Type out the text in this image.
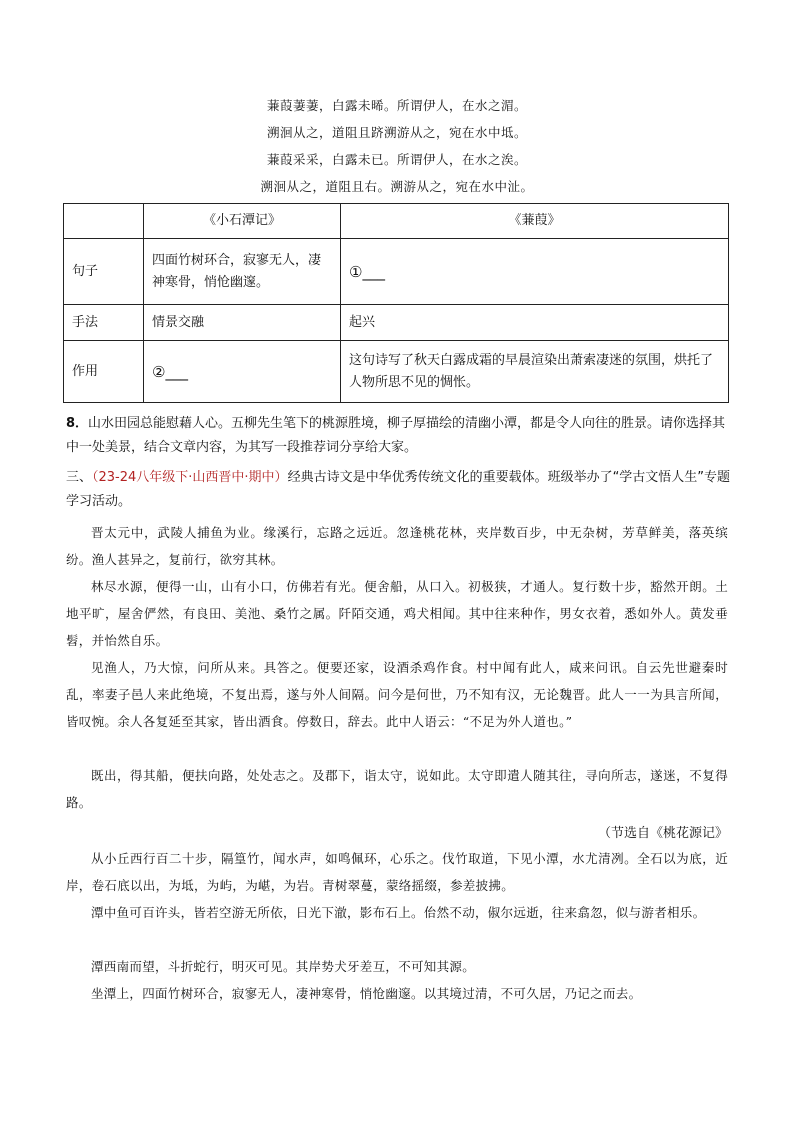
蒹葭萋萋，白露未晞。所谓伊人，在水之湄。
溯洄从之，道阻且跻溯游从之，宛在水中坻。
蒹葭采采，白露未已。所谓伊人，在水之涘。
溯洄从之，道阻且右。溯游从之，宛在水中沚。
	《小石潭记》	《蒹葭》
句子	四面竹树环合，寂寥无人，凄神寒骨，悄怆幽邃。	①___
手法	情景交融	起兴
作用	②___	这句诗写了秋天白露成霜的早晨渲染出萧索凄迷的氛围，烘托了人物所思不见的惆怅。
8．山水田园总能慰藉人心。五柳先生笔下的桃源胜境，柳子厚描绘的清幽小潭，都是令人向往的胜景。请你选择其中一处美景，结合文章内容，为其写一段推荐词分享给大家。
三、（23-24八年级下·山西晋中·期中）经典古诗文是中华优秀传统文化的重要载体。班级举办了“学古文悟人生”专题学习活动。
晋太元中，武陵人捕鱼为业。缘溪行，忘路之远近。忽逢桃花林，夹岸数百步，中无杂树，芳草鲜美，落英缤纷。渔人甚异之，复前行，欲穷其林。
林尽水源，便得一山，山有小口，仿佛若有光。便舍船，从口入。初极狭，才通人。复行数十步，豁然开朗。土地平旷，屋舍俨然，有良田、美池、桑竹之属。阡陌交通，鸡犬相闻。其中往来种作，男女衣着，悉如外人。黄发垂髫，并怡然自乐。
见渔人，乃大惊，问所从来。具答之。便要还家，设酒杀鸡作食。村中闻有此人，咸来问讯。自云先世避秦时乱，率妻子邑人来此绝境，不复出焉，遂与外人间隔。问今是何世，乃不知有汉，无论魏晋。此人一一为具言所闻，皆叹惋。余人各复延至其家，皆出酒食。停数日，辞去。此中人语云：“不足为外人道也。”
既出，得其船，便扶向路，处处志之。及郡下，诣太守，说如此。太守即遣人随其往，寻向所志，遂迷，不复得路。
（节选自《桃花源记》
从小丘西行百二十步，隔篁竹，闻水声，如鸣佩环，心乐之。伐竹取道，下见小潭，水尤清冽。全石以为底，近岸，卷石底以出，为坻，为屿，为嵁，为岩。青树翠蔓，蒙络摇缀，参差披拂。
潭中鱼可百许头，皆若空游无所依，日光下澈，影布石上。佁然不动，俶尔远逝，往来翕忽，似与游者相乐。
潭西南而望，斗折蛇行，明灭可见。其岸势犬牙差互，不可知其源。
坐潭上，四面竹树环合，寂寥无人，凄神寒骨，悄怆幽邃。以其境过清，不可久居，乃记之而去。
